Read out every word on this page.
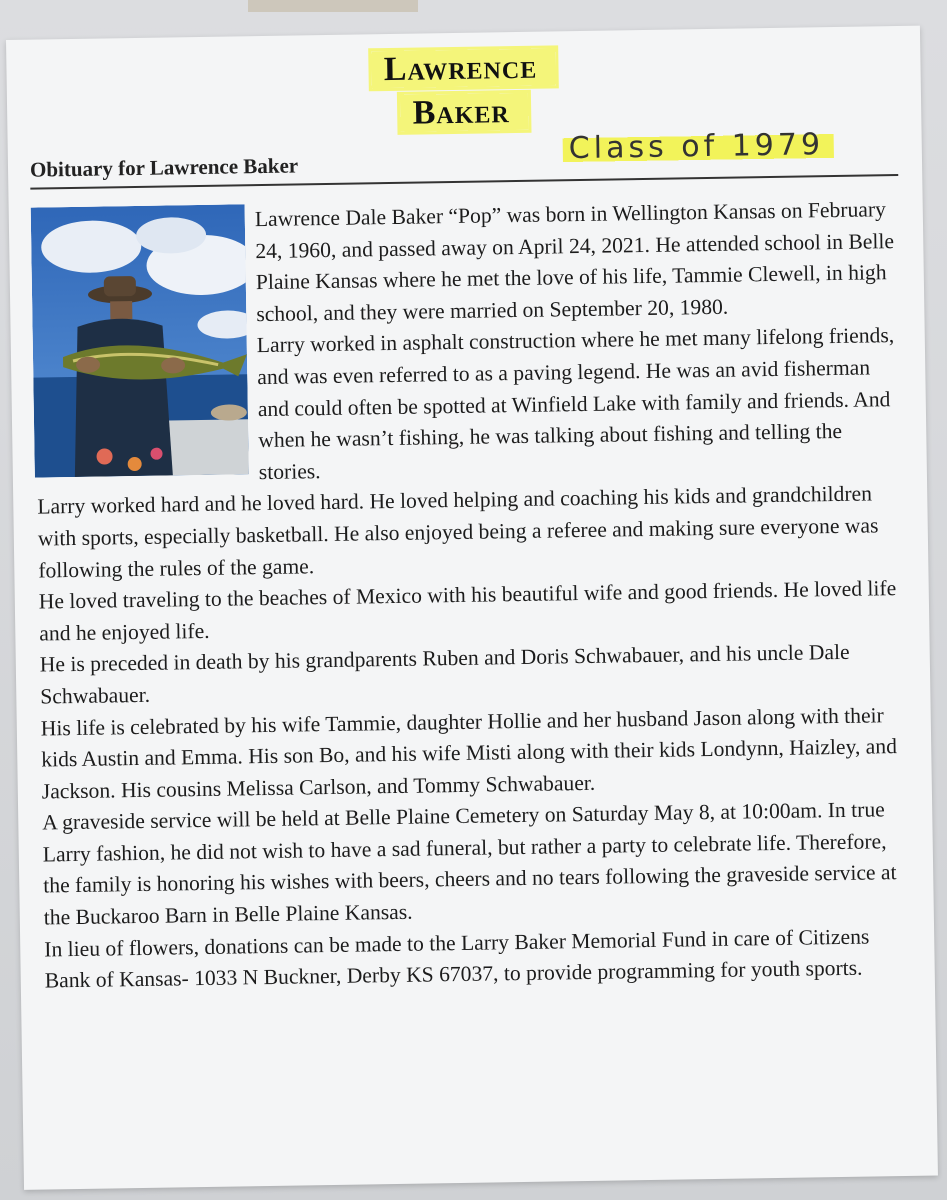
Lawrence
Baker
Obituary for Lawrence Baker
Class of 1979

Lawrence Dale Baker “Pop” was born in Wellington Kansas on February 24, 1960, and passed away on April 24, 2021. He attended school in Belle Plaine Kansas where he met the love of his life, Tammie Clewell, in high school, and they were married on September 20, 1980.

Larry worked in asphalt construction where he met many lifelong friends, and was even referred to as a paving legend. He was an avid fisherman and could often be spotted at Winfield Lake with family and friends. And when he wasn’t fishing, he was talking about fishing and telling the stories.

Larry worked hard and he loved hard. He loved helping and coaching his kids and grandchildren with sports, especially basketball. He also enjoyed being a referee and making sure everyone was following the rules of the game.

He loved traveling to the beaches of Mexico with his beautiful wife and good friends. He loved life and he enjoyed life.

He is preceded in death by his grandparents Ruben and Doris Schwabauer, and his uncle Dale Schwabauer.

His life is celebrated by his wife Tammie, daughter Hollie and her husband Jason along with their kids Austin and Emma. His son Bo, and his wife Misti along with their kids Londynn, Haizley, and Jackson. His cousins Melissa Carlson, and Tommy Schwabauer.

A graveside service will be held at Belle Plaine Cemetery on Saturday May 8, at 10:00am. In true Larry fashion, he did not wish to have a sad funeral, but rather a party to celebrate life. Therefore, the family is honoring his wishes with beers, cheers and no tears following the graveside service at the Buckaroo Barn in Belle Plaine Kansas.

In lieu of flowers, donations can be made to the Larry Baker Memorial Fund in care of Citizens Bank of Kansas- 1033 N Buckner, Derby KS 67037, to provide programming for youth sports.
